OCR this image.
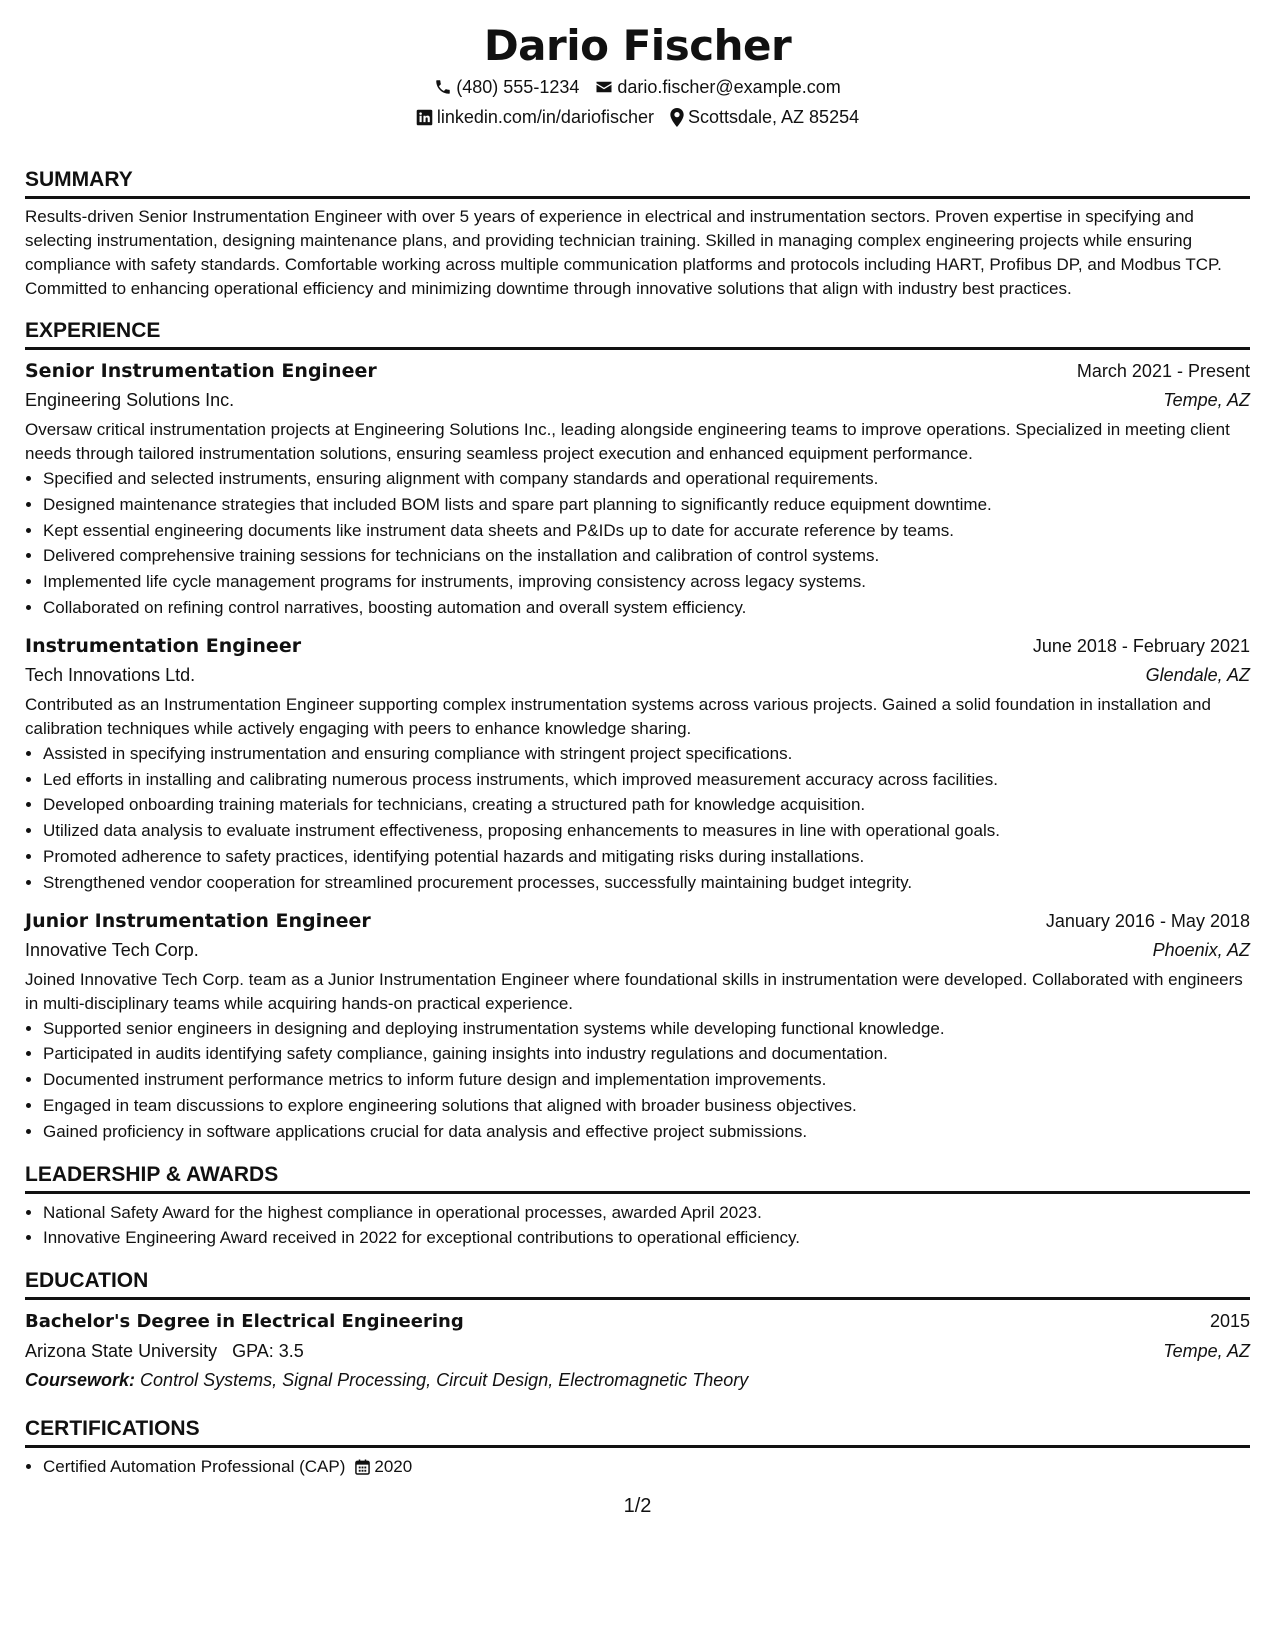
Dario Fischer
(480) 555-1234 dario.fischer@example.com
linkedin.com/in/dariofischer Scottsdale, AZ 85254
SUMMARY

Results-driven Senior Instrumentation Engineer with over 5 years of experience in electrical and instrumentation sectors. Proven expertise in specifying and selecting instrumentation, designing maintenance plans, and providing technician training. Skilled in managing complex engineering projects while ensuring compliance with safety standards. Comfortable working across multiple communication platforms and protocols including HART, Profibus DP, and Modbus TCP. Committed to enhancing operational efficiency and minimizing downtime through innovative solutions that align with industry best practices.

EXPERIENCE
Senior Instrumentation Engineer	March 2021 - Present
Engineering Solutions Inc.	Tempe, AZ

Oversaw critical instrumentation projects at Engineering Solutions Inc., leading alongside engineering teams to improve operations. Specialized in meeting client needs through tailored instrumentation solutions, ensuring seamless project execution and enhanced equipment performance.

• Specified and selected instruments, ensuring alignment with company standards and operational requirements.
• Designed maintenance strategies that included BOM lists and spare part planning to significantly reduce equipment downtime.
• Kept essential engineering documents like instrument data sheets and P&IDs up to date for accurate reference by teams.
• Delivered comprehensive training sessions for technicians on the installation and calibration of control systems.
• Implemented life cycle management programs for instruments, improving consistency across legacy systems.
• Collaborated on refining control narratives, boosting automation and overall system efficiency.
Instrumentation Engineer	June 2018 - February 2021
Tech Innovations Ltd.	Glendale, AZ

Contributed as an Instrumentation Engineer supporting complex instrumentation systems across various projects. Gained a solid foundation in installation and calibration techniques while actively engaging with peers to enhance knowledge sharing.

• Assisted in specifying instrumentation and ensuring compliance with stringent project specifications.
• Led efforts in installing and calibrating numerous process instruments, which improved measurement accuracy across facilities.
• Developed onboarding training materials for technicians, creating a structured path for knowledge acquisition.
• Utilized data analysis to evaluate instrument effectiveness, proposing enhancements to measures in line with operational goals.
• Promoted adherence to safety practices, identifying potential hazards and mitigating risks during installations.
• Strengthened vendor cooperation for streamlined procurement processes, successfully maintaining budget integrity.
Junior Instrumentation Engineer	January 2016 - May 2018
Innovative Tech Corp.	Phoenix, AZ

Joined Innovative Tech Corp. team as a Junior Instrumentation Engineer where foundational skills in instrumentation were developed. Collaborated with engineers in multi-disciplinary teams while acquiring hands-on practical experience.

• Supported senior engineers in designing and deploying instrumentation systems while developing functional knowledge.
• Participated in audits identifying safety compliance, gaining insights into industry regulations and documentation.
• Documented instrument performance metrics to inform future design and implementation improvements.
• Engaged in team discussions to explore engineering solutions that aligned with broader business objectives.
• Gained proficiency in software applications crucial for data analysis and effective project submissions.
LEADERSHIP & AWARDS
• National Safety Award for the highest compliance in operational processes, awarded April 2023.
• Innovative Engineering Award received in 2022 for exceptional contributions to operational efficiency.
EDUCATION
Bachelor's Degree in Electrical Engineering	2015
Arizona State University GPA: 3.5	Tempe, AZ
Coursework: Control Systems, Signal Processing, Circuit Design, Electromagnetic Theory
CERTIFICATIONS
• Certified Automation Professional (CAP) 2020
1/2
